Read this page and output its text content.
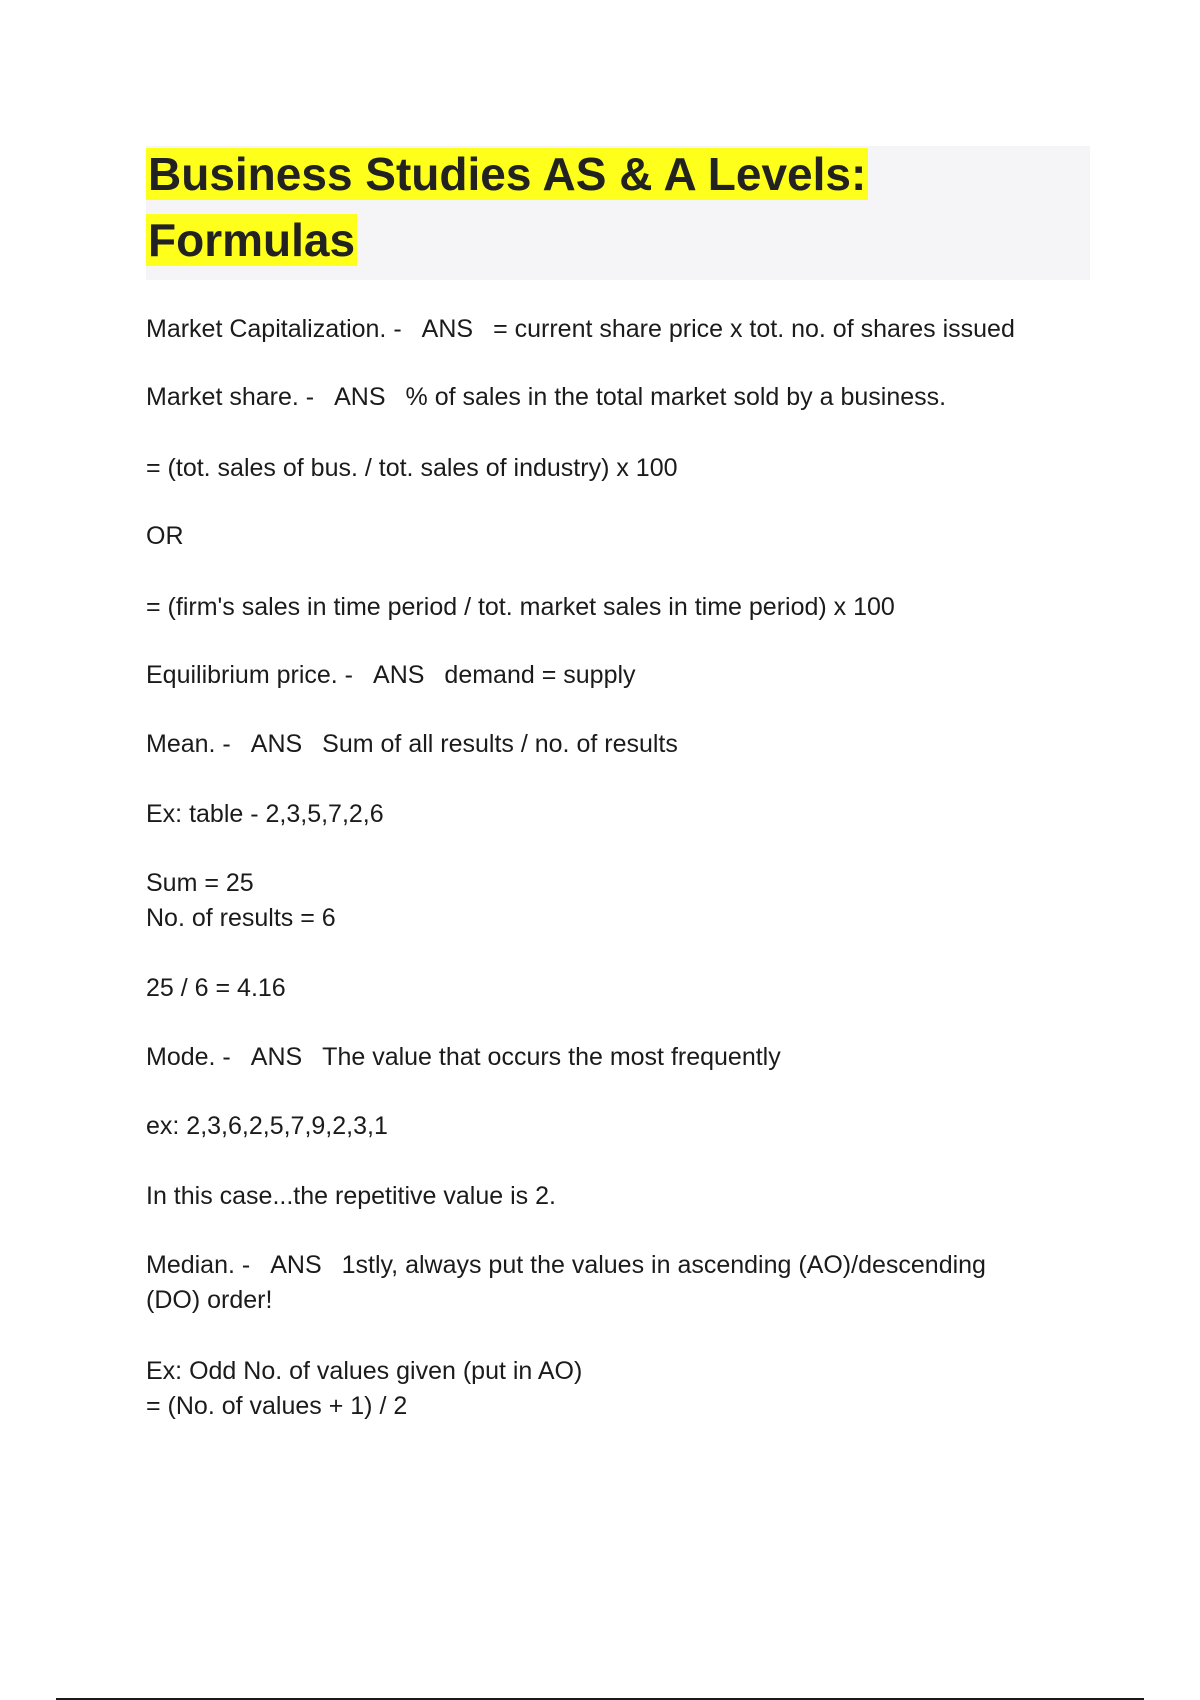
Business Studies AS & A Levels:
Formulas
Market Capitalization. - ANS = current share price x tot. no. of shares issued
Market share. - ANS % of sales in the total market sold by a business.
= (tot. sales of bus. / tot. sales of industry) x 100
OR
= (firm's sales in time period / tot. market sales in time period) x 100
Equilibrium price. - ANS demand = supply
Mean. - ANS Sum of all results / no. of results
Ex: table - 2,3,5,7,2,6
Sum = 25
No. of results = 6
25 / 6 = 4.16
Mode. - ANS The value that occurs the most frequently
ex: 2,3,6,2,5,7,9,2,3,1
In this case...the repetitive value is 2.
Median. - ANS 1stly, always put the values in ascending (AO)/descending
(DO) order!
Ex: Odd No. of values given (put in AO)
= (No. of values + 1) / 2
